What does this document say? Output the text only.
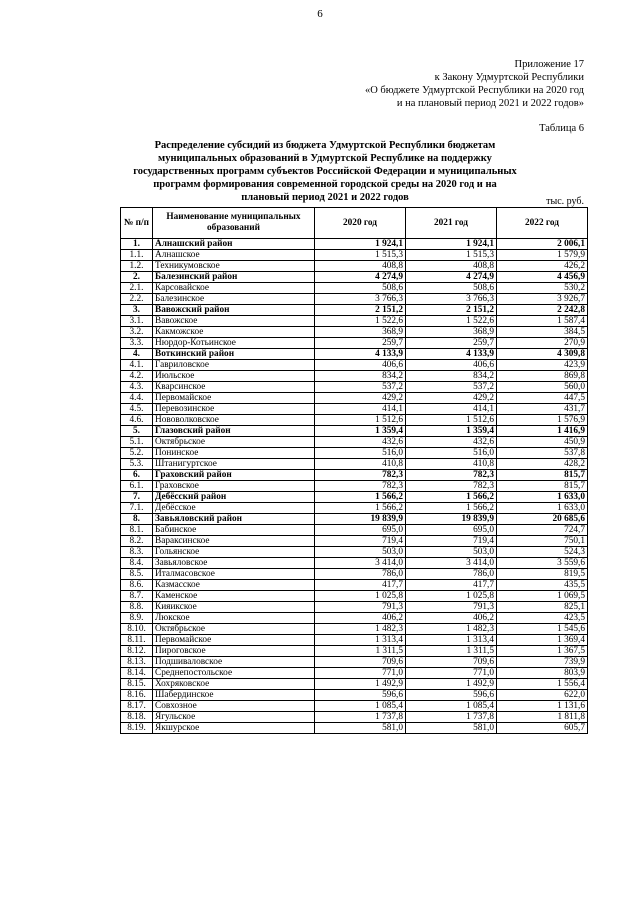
6
Приложение 17
к Закону Удмуртской Республики
«О бюджете Удмуртской Республики на 2020 год
и на плановый период 2021 и 2022 годов»
Таблица 6
Распределение субсидий из бюджета Удмуртской Республики бюджетам муниципальных образований в Удмуртской Республике на поддержку государственных программ субъектов Российской Федерации и муниципальных программ формирования современной городской среды на 2020 год и на плановый период 2021 и 2022 годов	тыс. руб.
№ п/п	Наименование муниципальных образований	2020 год	2021 год	2022 год
1.	Алнашский район	1 924,1	1 924,1	2 006,1
1.1.	Алнашское	1 515,3	1 515,3	1 579,9
1.2.	Техникумовское	408,8	408,8	426,2
2.	Балезинский район	4 274,9	4 274,9	4 456,9
2.1.	Карсовайское	508,6	508,6	530,2
2.2.	Балезинское	3 766,3	3 766,3	3 926,7
3.	Вавожский район	2 151,2	2 151,2	2 242,8
3.1.	Вавожское	1 522,6	1 522,6	1 587,4
3.2.	Какможское	368,9	368,9	384,5
3.3.	Нюрдор-Котьинское	259,7	259,7	270,9
4.	Воткинский район	4 133,9	4 133,9	4 309,8
4.1.	Гавриловское	406,6	406,6	423,9
4.2.	Июльское	834,2	834,2	869,8
4.3.	Кварсинское	537,2	537,2	560,0
4.4.	Первомайское	429,2	429,2	447,5
4.5.	Перевозинское	414,1	414,1	431,7
4.6.	Нововолковское	1 512,6	1 512,6	1 576,9
5.	Глазовский район	1 359,4	1 359,4	1 416,9
5.1.	Октябрьское	432,6	432,6	450,9
5.2.	Понинское	516,0	516,0	537,8
5.3.	Штанигуртское	410,8	410,8	428,2
6.	Граховский район	782,3	782,3	815,7
6.1.	Граховское	782,3	782,3	815,7
7.	Дебёсский район	1 566,2	1 566,2	1 633,0
7.1.	Дебёсское	1 566,2	1 566,2	1 633,0
8.	Завьяловский район	19 839,9	19 839,9	20 685,6
8.1.	Бабинское	695,0	695,0	724,7
8.2.	Вараксинское	719,4	719,4	750,1
8.3.	Гольянское	503,0	503,0	524,3
8.4.	Завьяловское	3 414,0	3 414,0	3 559,6
8.5.	Италмасовское	786,0	786,0	819,5
8.6.	Казмасское	417,7	417,7	435,5
8.7.	Каменское	1 025,8	1 025,8	1 069,5
8.8.	Кияикское	791,3	791,3	825,1
8.9.	Люкское	406,2	406,2	423,5
8.10.	Октябрьское	1 482,3	1 482,3	1 545,6
8.11.	Первомайское	1 313,4	1 313,4	1 369,4
8.12.	Пироговское	1 311,5	1 311,5	1 367,5
8.13.	Подшиваловское	709,6	709,6	739,9
8.14.	Среднепостольское	771,0	771,0	803,9
8.15.	Хохряковское	1 492,9	1 492,9	1 556,4
8.16.	Шабердинское	596,6	596,6	622,0
8.17.	Совхозное	1 085,4	1 085,4	1 131,6
8.18.	Ягульское	1 737,8	1 737,8	1 811,8
8.19.	Якшурское	581,0	581,0	605,7
